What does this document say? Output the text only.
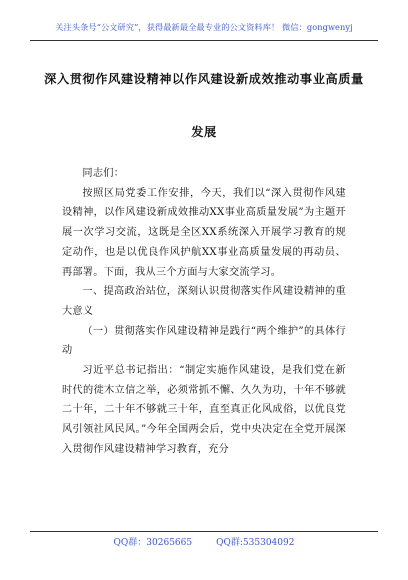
关注头条号“公文研究”，获得最新最全最专业的公文资料库！ 微信：gongwenyj
深入贯彻作风建设精神以作风建设新成效推动事业高质量
发展

同志们：

按照区局党委工作安排，今天，我们以“深入贯彻作风建设精神，以作风建设新成效推动XX事业高质量发展”为主题开展一次学习交流，这既是全区XX系统深入开展学习教育的规定动作，也是以优良作风护航XX事业高质量发展的再动员、再部署。下面，我从三个方面与大家交流学习。

一、提高政治站位，深刻认识贯彻落实作风建设精神的重大意义

（一）贯彻落实作风建设精神是践行“两个维护”的具体行动

习近平总书记指出：“制定实施作风建设，是我们党在新时代的徙木立信之举，必须常抓不懈、久久为功，十年不够就二十年，二十年不够就三十年，直至真正化风成俗，以优良党风引领社风民风。”今年全国两会后，党中央决定在全党开展深入贯彻作风建设精神学习教育，充分

QQ群：30265665	QQ群:535304092
